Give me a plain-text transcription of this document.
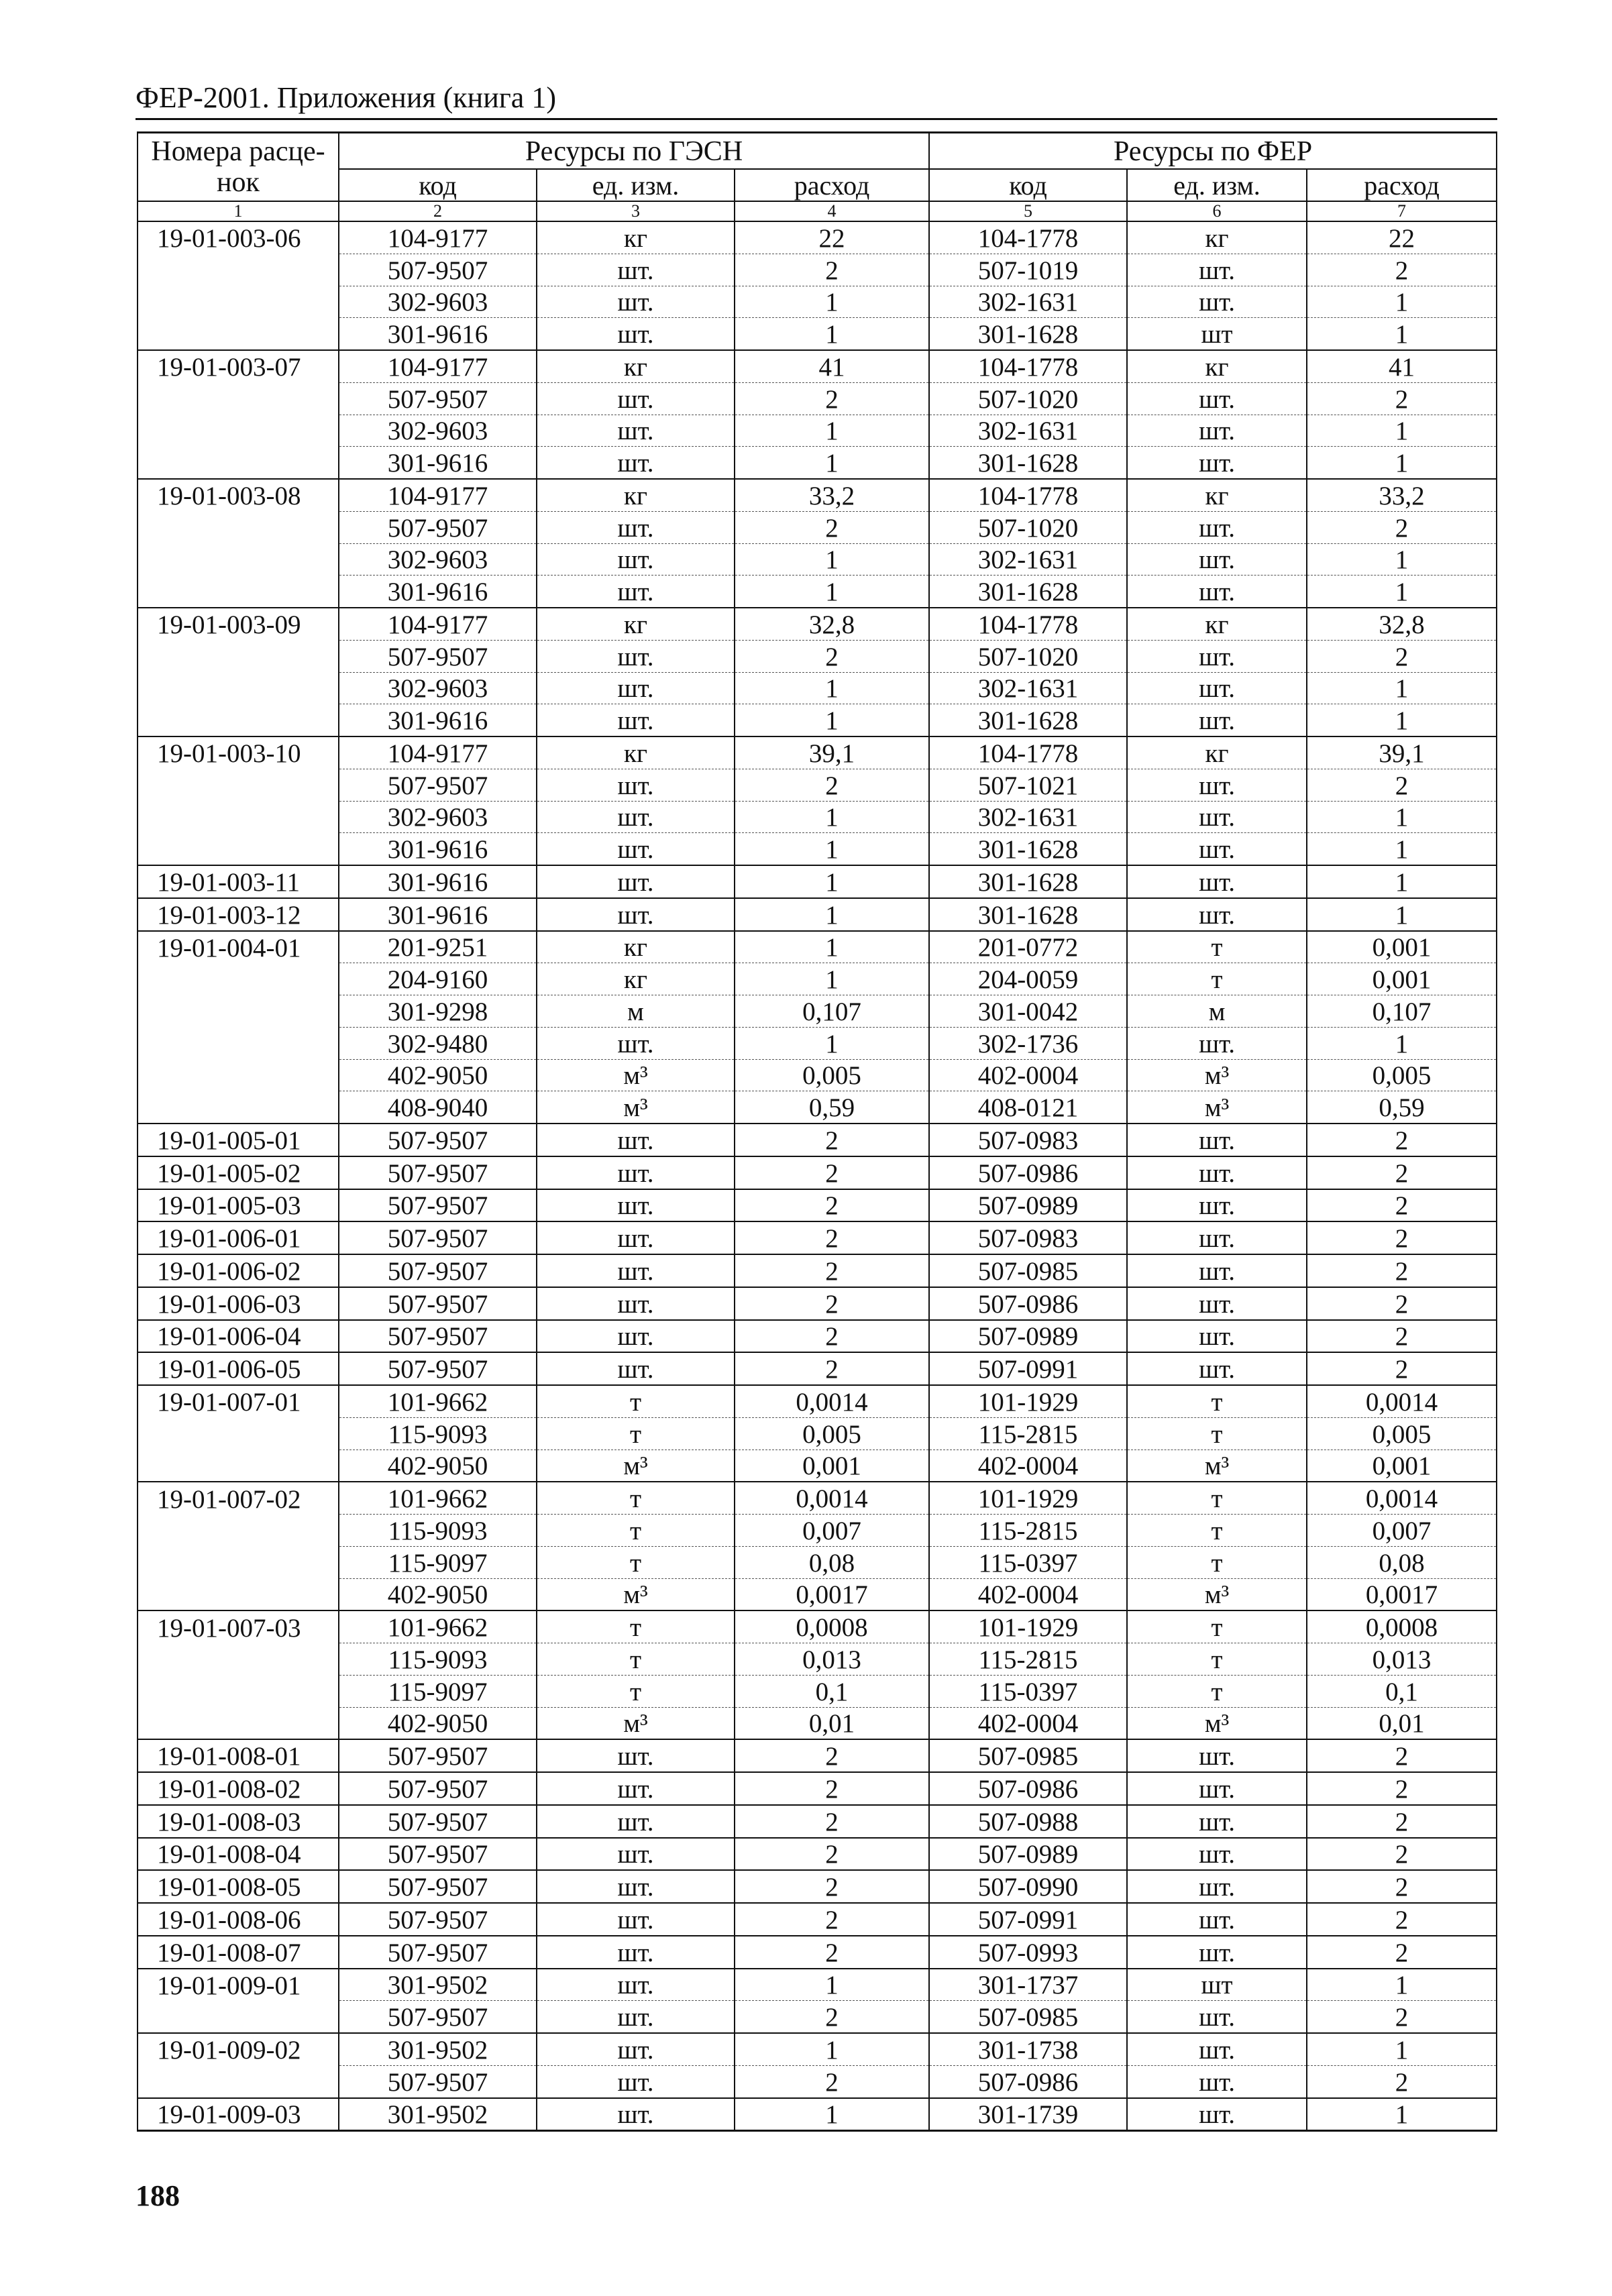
ФЕР-2001. Приложения (книга 1)
Номера расце-
нок	Ресурсы по ГЭСН			Ресурсы по ФЕР		
	код	ед. изм.	расход	код	ед. изм.	расход
1	2	3	4	5	6	7
19-01-003-06	104-9177	кг	22	104-1778	кг	22
	507-9507	шт.	2	507-1019	шт.	2
	302-9603	шт.	1	302-1631	шт.	1
	301-9616	шт.	1	301-1628	шт	1
19-01-003-07	104-9177	кг	41	104-1778	кг	41
	507-9507	шт.	2	507-1020	шт.	2
	302-9603	шт.	1	302-1631	шт.	1
	301-9616	шт.	1	301-1628	шт.	1
19-01-003-08	104-9177	кг	33,2	104-1778	кг	33,2
	507-9507	шт.	2	507-1020	шт.	2
	302-9603	шт.	1	302-1631	шт.	1
	301-9616	шт.	1	301-1628	шт.	1
19-01-003-09	104-9177	кг	32,8	104-1778	кг	32,8
	507-9507	шт.	2	507-1020	шт.	2
	302-9603	шт.	1	302-1631	шт.	1
	301-9616	шт.	1	301-1628	шт.	1
19-01-003-10	104-9177	кг	39,1	104-1778	кг	39,1
	507-9507	шт.	2	507-1021	шт.	2
	302-9603	шт.	1	302-1631	шт.	1
	301-9616	шт.	1	301-1628	шт.	1
19-01-003-11	301-9616	шт.	1	301-1628	шт.	1
19-01-003-12	301-9616	шт.	1	301-1628	шт.	1
19-01-004-01	201-9251	кг	1	201-0772	т	0,001
	204-9160	кг	1	204-0059	т	0,001
	301-9298	м	0,107	301-0042	м	0,107
	302-9480	шт.	1	302-1736	шт.	1
	402-9050	м³	0,005	402-0004	м³	0,005
	408-9040	м³	0,59	408-0121	м³	0,59
19-01-005-01	507-9507	шт.	2	507-0983	шт.	2
19-01-005-02	507-9507	шт.	2	507-0986	шт.	2
19-01-005-03	507-9507	шт.	2	507-0989	шт.	2
19-01-006-01	507-9507	шт.	2	507-0983	шт.	2
19-01-006-02	507-9507	шт.	2	507-0985	шт.	2
19-01-006-03	507-9507	шт.	2	507-0986	шт.	2
19-01-006-04	507-9507	шт.	2	507-0989	шт.	2
19-01-006-05	507-9507	шт.	2	507-0991	шт.	2
19-01-007-01	101-9662	т	0,0014	101-1929	т	0,0014
	115-9093	т	0,005	115-2815	т	0,005
	402-9050	м³	0,001	402-0004	м³	0,001
19-01-007-02	101-9662	т	0,0014	101-1929	т	0,0014
	115-9093	т	0,007	115-2815	т	0,007
	115-9097	т	0,08	115-0397	т	0,08
	402-9050	м³	0,0017	402-0004	м³	0,0017
19-01-007-03	101-9662	т	0,0008	101-1929	т	0,0008
	115-9093	т	0,013	115-2815	т	0,013
	115-9097	т	0,1	115-0397	т	0,1
	402-9050	м³	0,01	402-0004	м³	0,01
19-01-008-01	507-9507	шт.	2	507-0985	шт.	2
19-01-008-02	507-9507	шт.	2	507-0986	шт.	2
19-01-008-03	507-9507	шт.	2	507-0988	шт.	2
19-01-008-04	507-9507	шт.	2	507-0989	шт.	2
19-01-008-05	507-9507	шт.	2	507-0990	шт.	2
19-01-008-06	507-9507	шт.	2	507-0991	шт.	2
19-01-008-07	507-9507	шт.	2	507-0993	шт.	2
19-01-009-01	301-9502	шт.	1	301-1737	шт	1
	507-9507	шт.	2	507-0985	шт.	2
19-01-009-02	301-9502	шт.	1	301-1738	шт.	1
	507-9507	шт.	2	507-0986	шт.	2
19-01-009-03	301-9502	шт.	1	301-1739	шт.	1
188
